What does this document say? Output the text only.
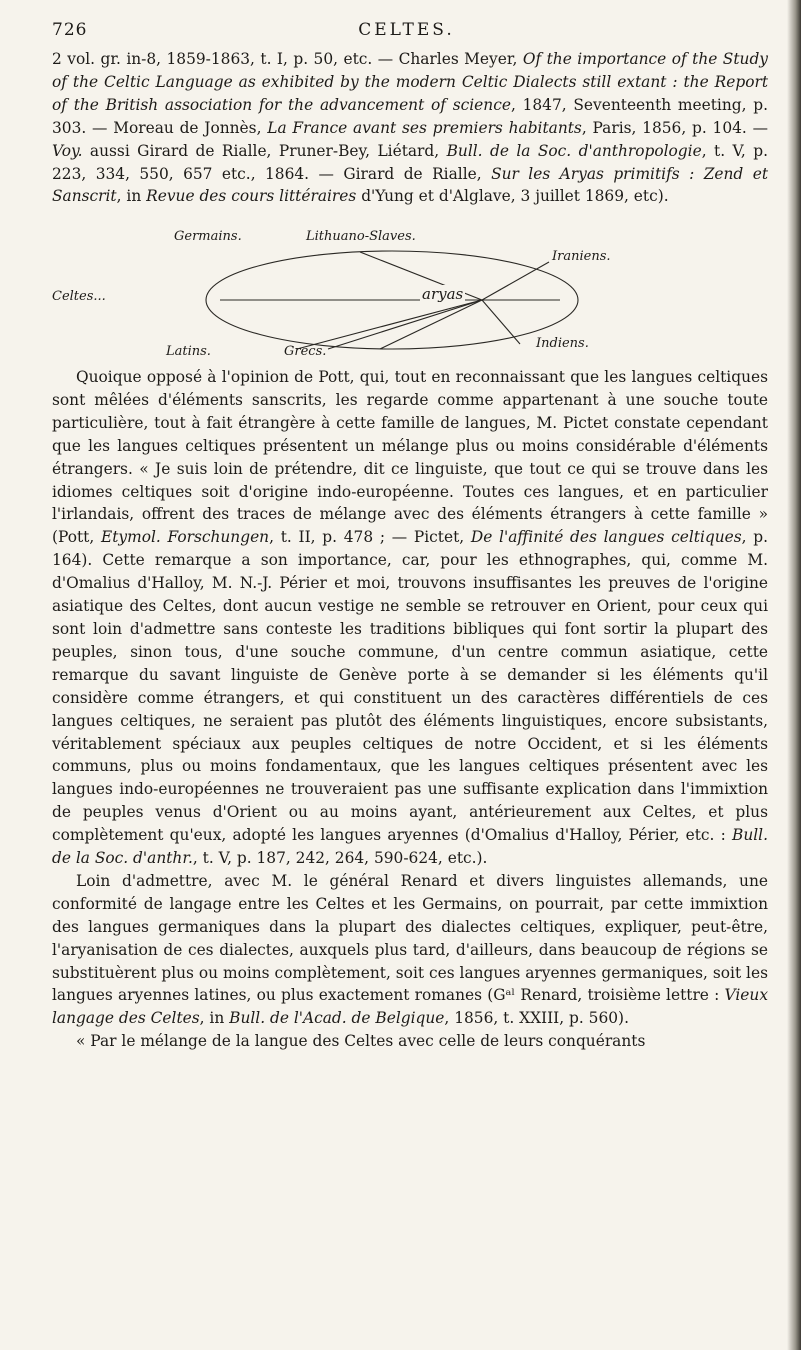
726	CELTES.

2 vol. gr. in-8, 1859-1863, t. I, p. 50, etc. — Charles Meyer, Of the importance of the Study of the Celtic Language as exhibited by the modern Celtic Dialects still extant : the Report of the British association for the advancement of science, 1847, Seventeenth meeting, p. 303. — Moreau de Jonnès, La France avant ses premiers habitants, Paris, 1856, p. 104. — Voy. aussi Girard de Rialle, Pruner-Bey, Liétard, Bull. de la Soc. d'anthropologie, t. V, p. 223, 334, 550, 657 etc., 1864. — Girard de Rialle, Sur les Aryas primitifs : Zend et Sanscrit, in Revue des cours littéraires d'Yung et d'Alglave, 3 juillet 1869, etc).

Germains.	Lithuano-Slaves.
Iraniens.
Celtes...	aryas
Latins.	Grecs.
Indiens.

Quoique opposé à l'opinion de Pott, qui, tout en reconnaissant que les langues celtiques sont mêlées d'éléments sanscrits, les regarde comme appartenant à une souche toute particulière, tout à fait étrangère à cette famille de langues, M. Pictet constate cependant que les langues celtiques présentent un mélange plus ou moins considérable d'éléments étrangers. « Je suis loin de prétendre, dit ce linguiste, que tout ce qui se trouve dans les idiomes celtiques soit d'origine indo-européenne. Toutes ces langues, et en particulier l'irlandais, offrent des traces de mélange avec des éléments étrangers à cette famille » (Pott, Etymol. Forschungen, t. II, p. 478 ; — Pictet, De l'affinité des langues celtiques, p. 164). Cette remarque a son importance, car, pour les ethnographes, qui, comme M. d'Omalius d'Halloy, M. N.-J. Périer et moi, trouvons insuffisantes les preuves de l'origine asiatique des Celtes, dont aucun vestige ne semble se retrouver en Orient, pour ceux qui sont loin d'admettre sans conteste les traditions bibliques qui font sortir la plupart des peuples, sinon tous, d'une souche commune, d'un centre commun asiatique, cette remarque du savant linguiste de Genève porte à se demander si les éléments qu'il considère comme étrangers, et qui constituent un des caractères différentiels de ces langues celtiques, ne seraient pas plutôt des éléments linguistiques, encore subsistants, véritablement spéciaux aux peuples celtiques de notre Occident, et si les éléments communs, plus ou moins fondamentaux, que les langues celtiques présentent avec les langues indo-européennes ne trouveraient pas une suffisante explication dans l'immixtion de peuples venus d'Orient ou au moins ayant, antérieurement aux Celtes, et plus complètement qu'eux, adopté les langues aryennes (d'Omalius d'Halloy, Périer, etc. : Bull. de la Soc. d'anthr., t. V, p. 187, 242, 264, 590-624, etc.).

Loin d'admettre, avec M. le général Renard et divers linguistes allemands, une conformité de langage entre les Celtes et les Germains, on pourrait, par cette immixtion des langues germaniques dans la plupart des dialectes celtiques, expliquer, peut-être, l'aryanisation de ces dialectes, auxquels plus tard, d'ailleurs, dans beaucoup de régions se substituèrent plus ou moins complètement, soit ces langues aryennes germaniques, soit les langues aryennes latines, ou plus exactement romanes (Gᵃˡ Renard, troisième lettre : Vieux langage des Celtes, in Bull. de l'Acad. de Belgique, 1856, t. XXIII, p. 560).

« Par le mélange de la langue des Celtes avec celle de leurs conquérants
